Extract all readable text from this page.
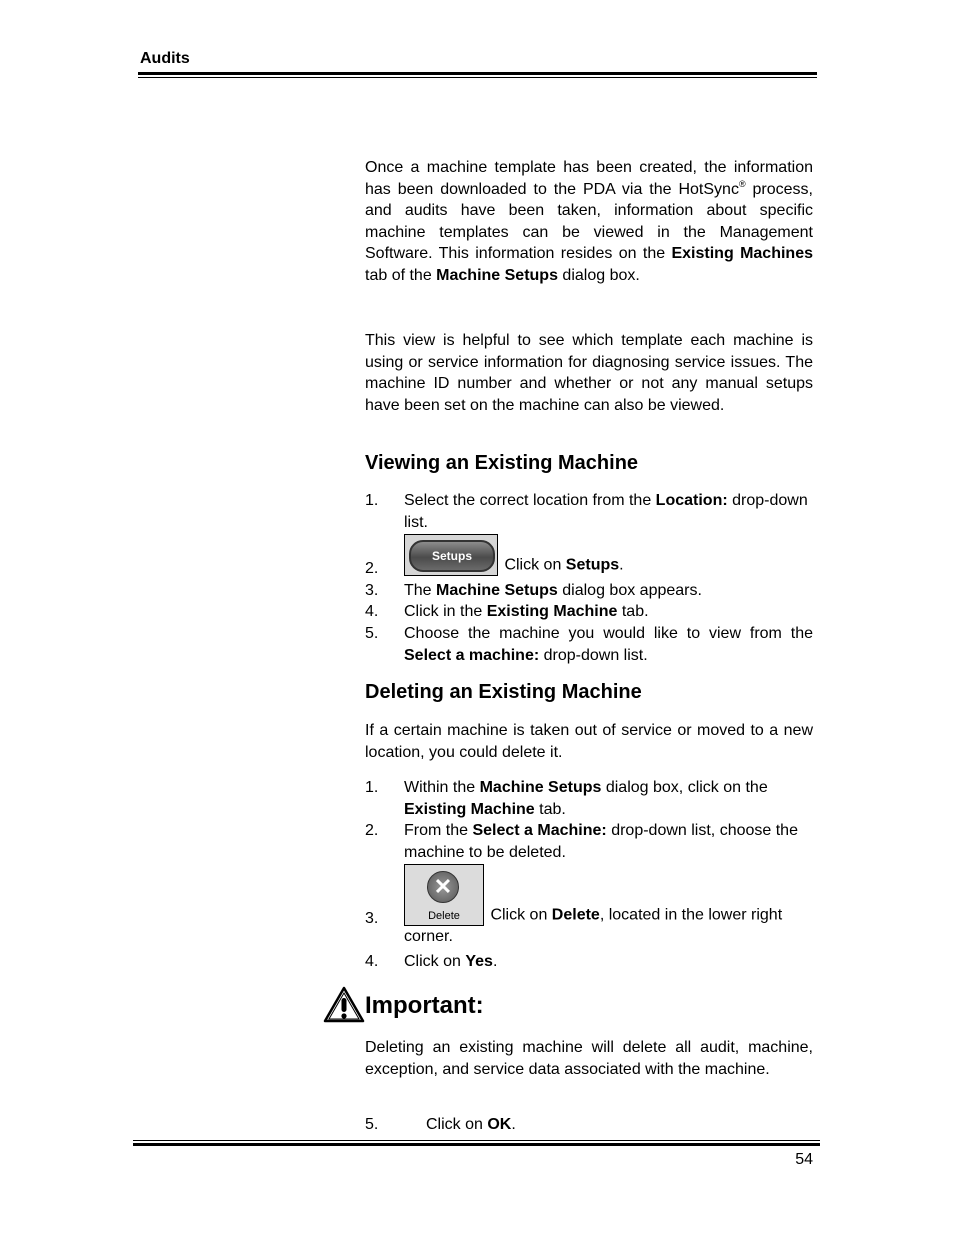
Audits
Once a machine template has been created, the information has been downloaded to the PDA via the HotSync® process, and audits have been taken, information about specific machine templates can be viewed in the Management Software. This information resides on the Existing Machines tab of the Machine Setups dialog box.
This view is helpful to see which template each machine is using or service information for diagnosing service issues. The machine ID number and whether or not any manual setups have been set on the machine can also be viewed.
Viewing an Existing Machine
1. Select the correct location from the Location: drop-down list.
2.
Setups
Click on Setups.
3. The Machine Setups dialog box appears.
4. Click in the Existing Machine tab.
5. Choose the machine you would like to view from the Select a machine: drop-down list.
Deleting an Existing Machine
If a certain machine is taken out of service or moved to a new location, you could delete it.
1. Within the Machine Setups dialog box, click on the Existing Machine tab.
2. From the Select a Machine: drop-down list, choose the machine to be deleted.
3.
✕
Delete	Click on Delete, located in the lower right corner.
4. Click on Yes.
Important:
Deleting an existing machine will delete all audit, machine, exception, and service data associated with the machine.
5.	Click on OK.
54
